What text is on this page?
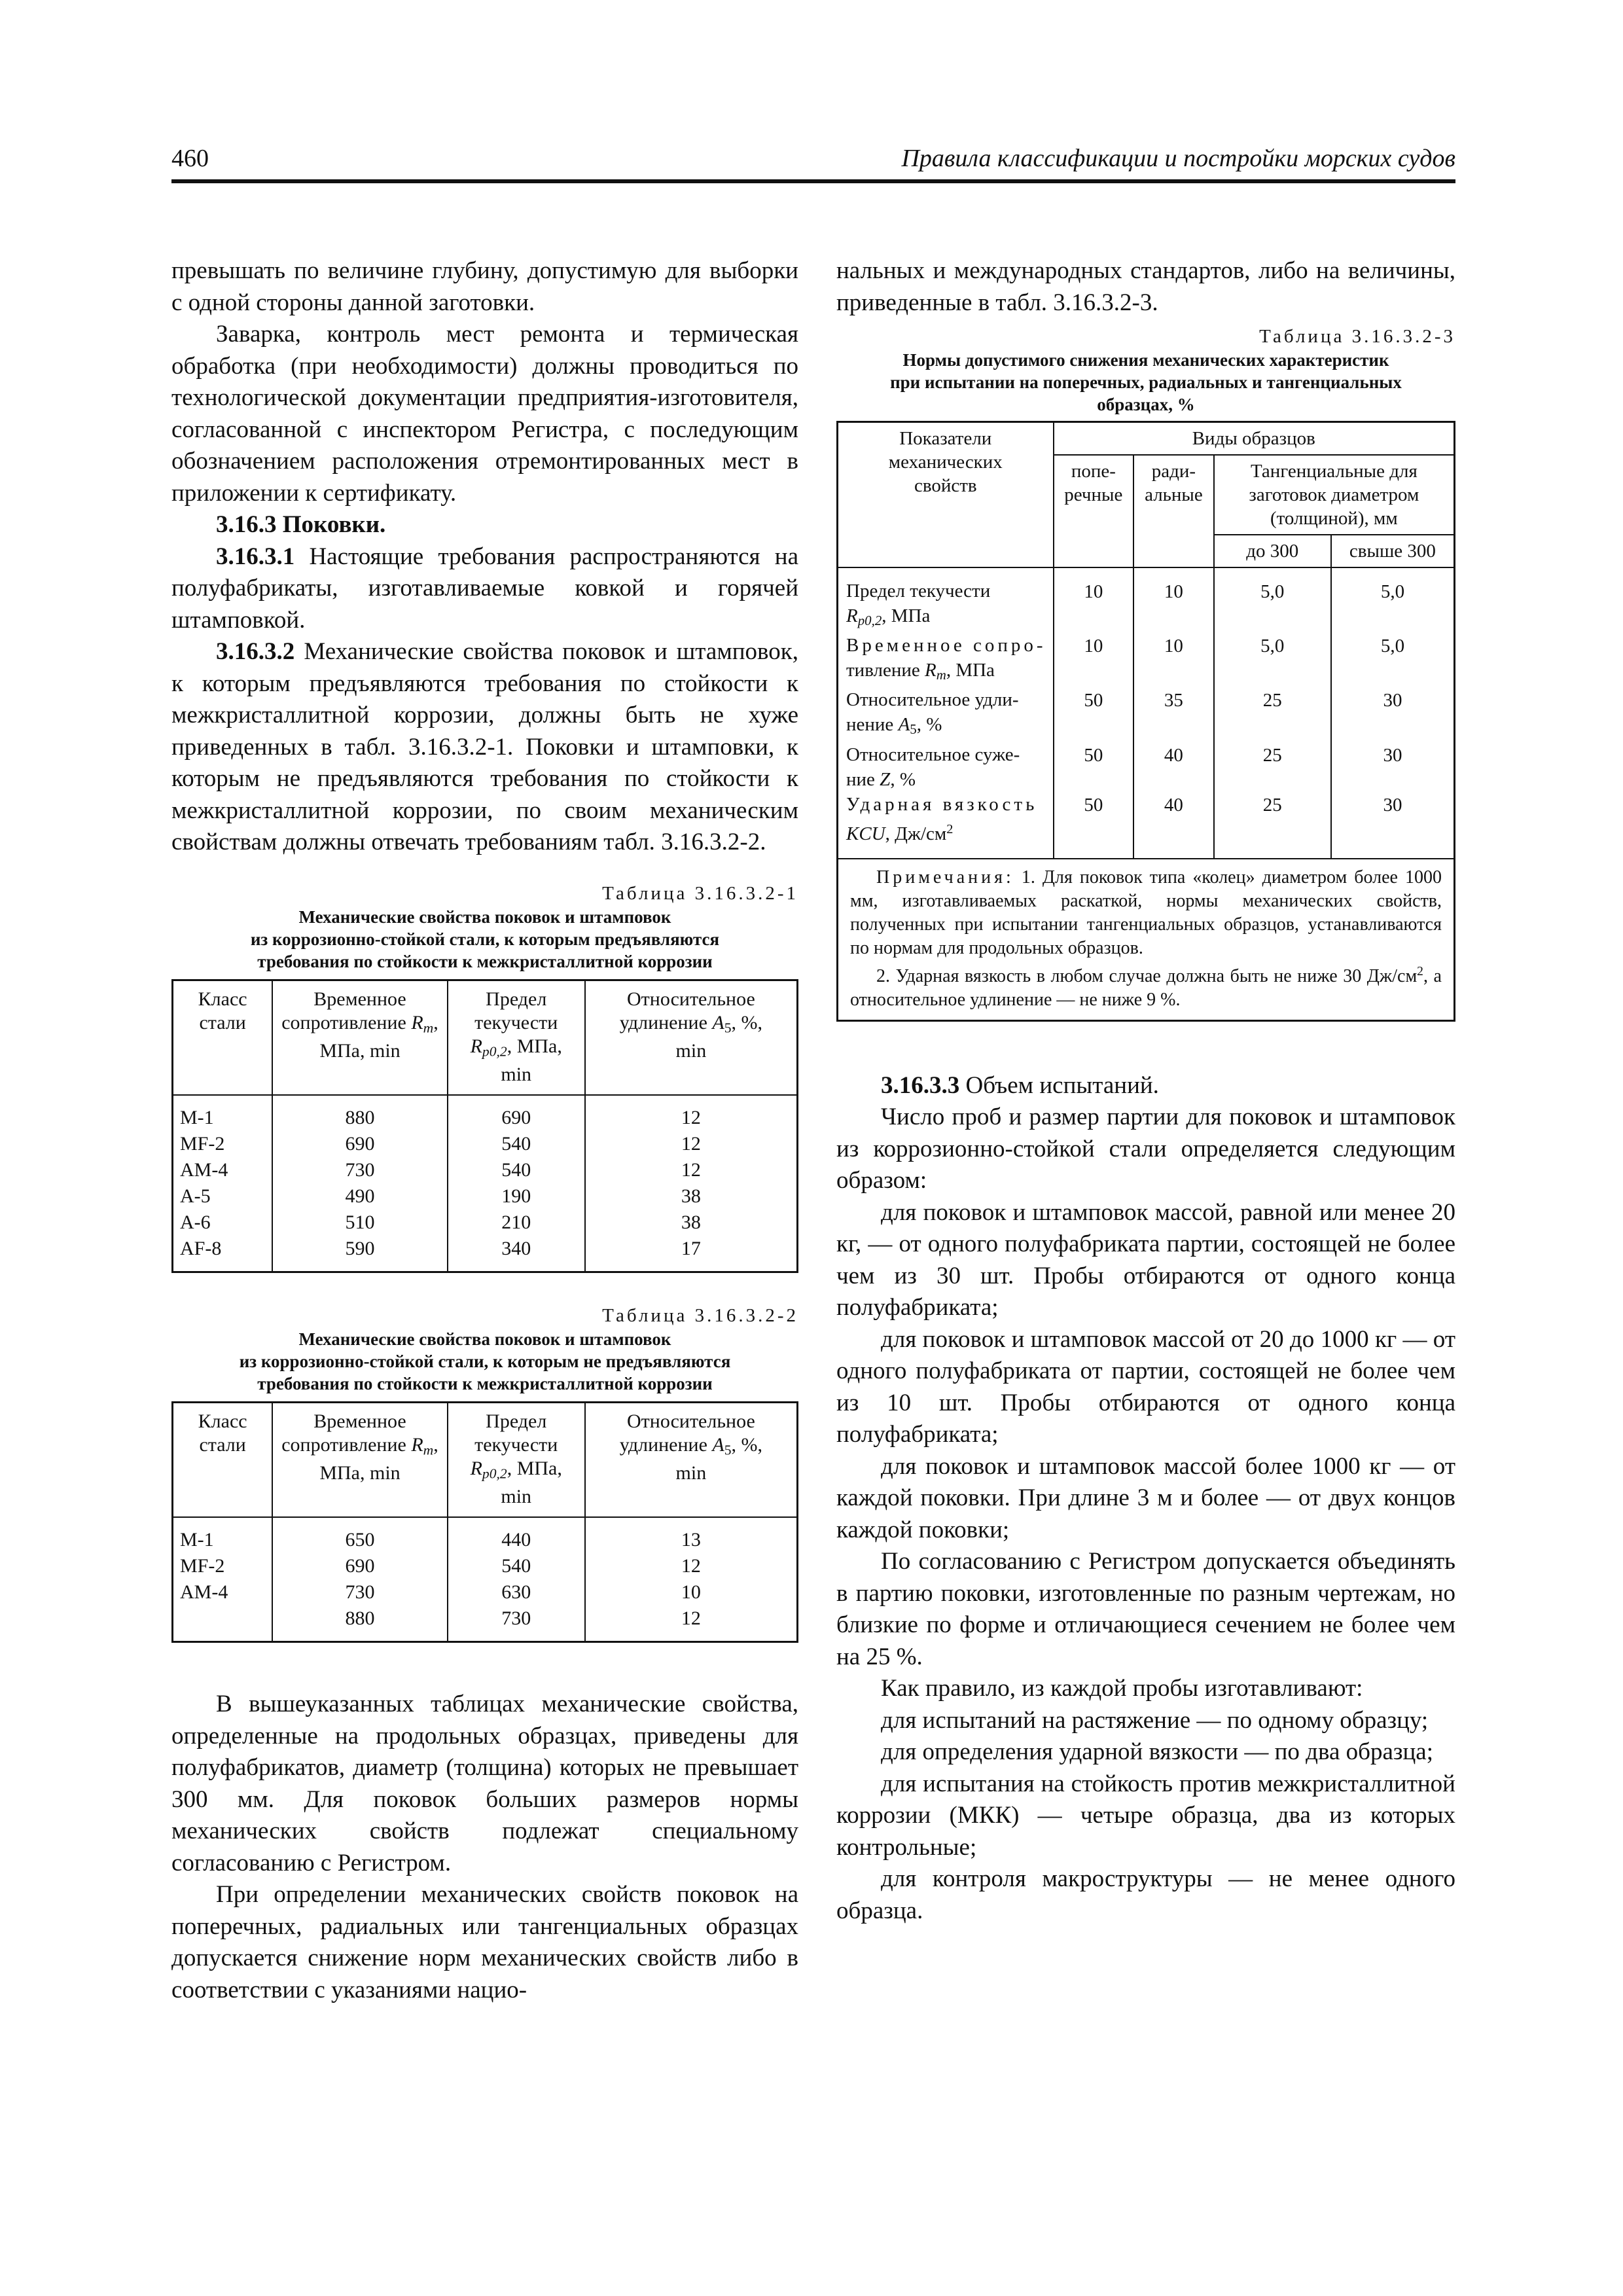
460	Правила классификации и постройки морских судов

превышать по величине глубину, допустимую для выборки с одной стороны данной заготовки.

Заварка, контроль мест ремонта и термическая обработка (при необходимости) должны проводиться по технологической документации предприятия-изготовителя, согласованной с инспектором Регистра, с последующим обозначением расположения отремонтированных мест в приложении к сертификату.

3.16.3 Поковки.

3.16.3.1 Настоящие требования распространяются на полуфабрикаты, изготавливаемые ковкой и горячей штамповкой.

3.16.3.2 Механические свойства поковок и штамповок, к которым предъявляются требования по стойкости к межкристаллитной коррозии, должны быть не хуже приведенных в табл. 3.16.3.2-1. Поковки и штамповки, к которым не предъявляются требования по стойкости к межкристаллитной коррозии, по своим механическим свойствам должны отвечать требованиям табл. 3.16.3.2-2.

Таблица 3.16.3.2-1
Механические свойства поковок и штамповок
из коррозионно-стойкой стали, к которым предъявляются
требования по стойкости к межкристаллитной коррозии
Класс
стали	Временное
сопротивление $R_m$,
МПа, min	Предел
текучести
$R_{p0,2}$, МПа,
min	Относительное
удлинение $A_5$, %,
min
M-1	880	690	12
MF-2	690	540	12
AM-4	730	540	12
A-5	490	190	38
A-6	510	210	38
AF-8	590	340	17
Таблица 3.16.3.2-2
Механические свойства поковок и штамповок
из коррозионно-стойкой стали, к которым не предъявляются
требования по стойкости к межкристаллитной коррозии
Класс
стали	Временное
сопротивление $R_m$,
МПа, min	Предел
текучести
$R_{p0,2}$, МПа,
min	Относительное
удлинение $A_5$, %,
min
M-1	650	440	13
MF-2	690	540	12
AM-4	730	630	10
	880	730	12

В вышеуказанных таблицах механические свойства, определенные на продольных образцах, приведены для полуфабрикатов, диаметр (толщина) которых не превышает 300 мм. Для поковок больших размеров нормы механических свойств подлежат специальному согласованию с Регистром.

При определении механических свойств поковок на поперечных, радиальных или тангенциальных образцах допускается снижение норм механических свойств либо в соответствии с указаниями нацио-

нальных и международных стандартов, либо на величины, приведенные в табл. 3.16.3.2-3.

Таблица 3.16.3.2-3
Нормы допустимого снижения механических характеристик
при испытании на поперечных, радиальных и тангенциальных
образцах, %
Показатели
механических
свойств	Виды образцов			
	попе-
речные	ради-
альные	Тангенциальные для
заготовок диаметром
(толщиной), мм	
			до 300	свыше 300
Предел текучести
$R_{p0,2}$, МПа	10	10	5,0	5,0
Временное сопро-
тивление $R_m$, МПа	10	10	5,0	5,0
Относительное удли-
нение $A_5$, %	50	35	25	30
Относительное суже-
ние Z, %	50	40	25	30
Ударная вязкость
KCU, $Дж/см^2$	50	40	25	30

Примечания: 1. Для поковок типа «колец» диаметром более 1000 мм, изготавливаемых раскаткой, нормы механических свойств, полученных при испытании тангенциальных образцов, устанавливаются по нормам для продольных образцов.

2. Ударная вязкость в любом случае должна быть не ниже 30 $Дж/см^2$, а относительное удлинение — не ниже 9 %.				

3.16.3.3 Объем испытаний.

Число проб и размер партии для поковок и штамповок из коррозионно-стойкой стали определяется следующим образом:

для поковок и штамповок массой, равной или менее 20 кг, — от одного полуфабриката партии, состоящей не более чем из 30 шт. Пробы отбираются от одного конца полуфабриката;

для поковок и штамповок массой от 20 до 1000 кг — от одного полуфабриката от партии, состоящей не более чем из 10 шт. Пробы отбираются от одного конца полуфабриката;

для поковок и штамповок массой более 1000 кг — от каждой поковки. При длине 3 м и более — от двух концов каждой поковки;

По согласованию с Регистром допускается объединять в партию поковки, изготовленные по разным чертежам, но близкие по форме и отличающиеся сечением не более чем на 25 %.

Как правило, из каждой пробы изготавливают:

для испытаний на растяжение — по одному образцу;

для определения ударной вязкости — по два образца;

для испытания на стойкость против межкристаллитной коррозии (МКК) — четыре образца, два из которых контрольные;

для контроля макроструктуры — не менее одного образца.
